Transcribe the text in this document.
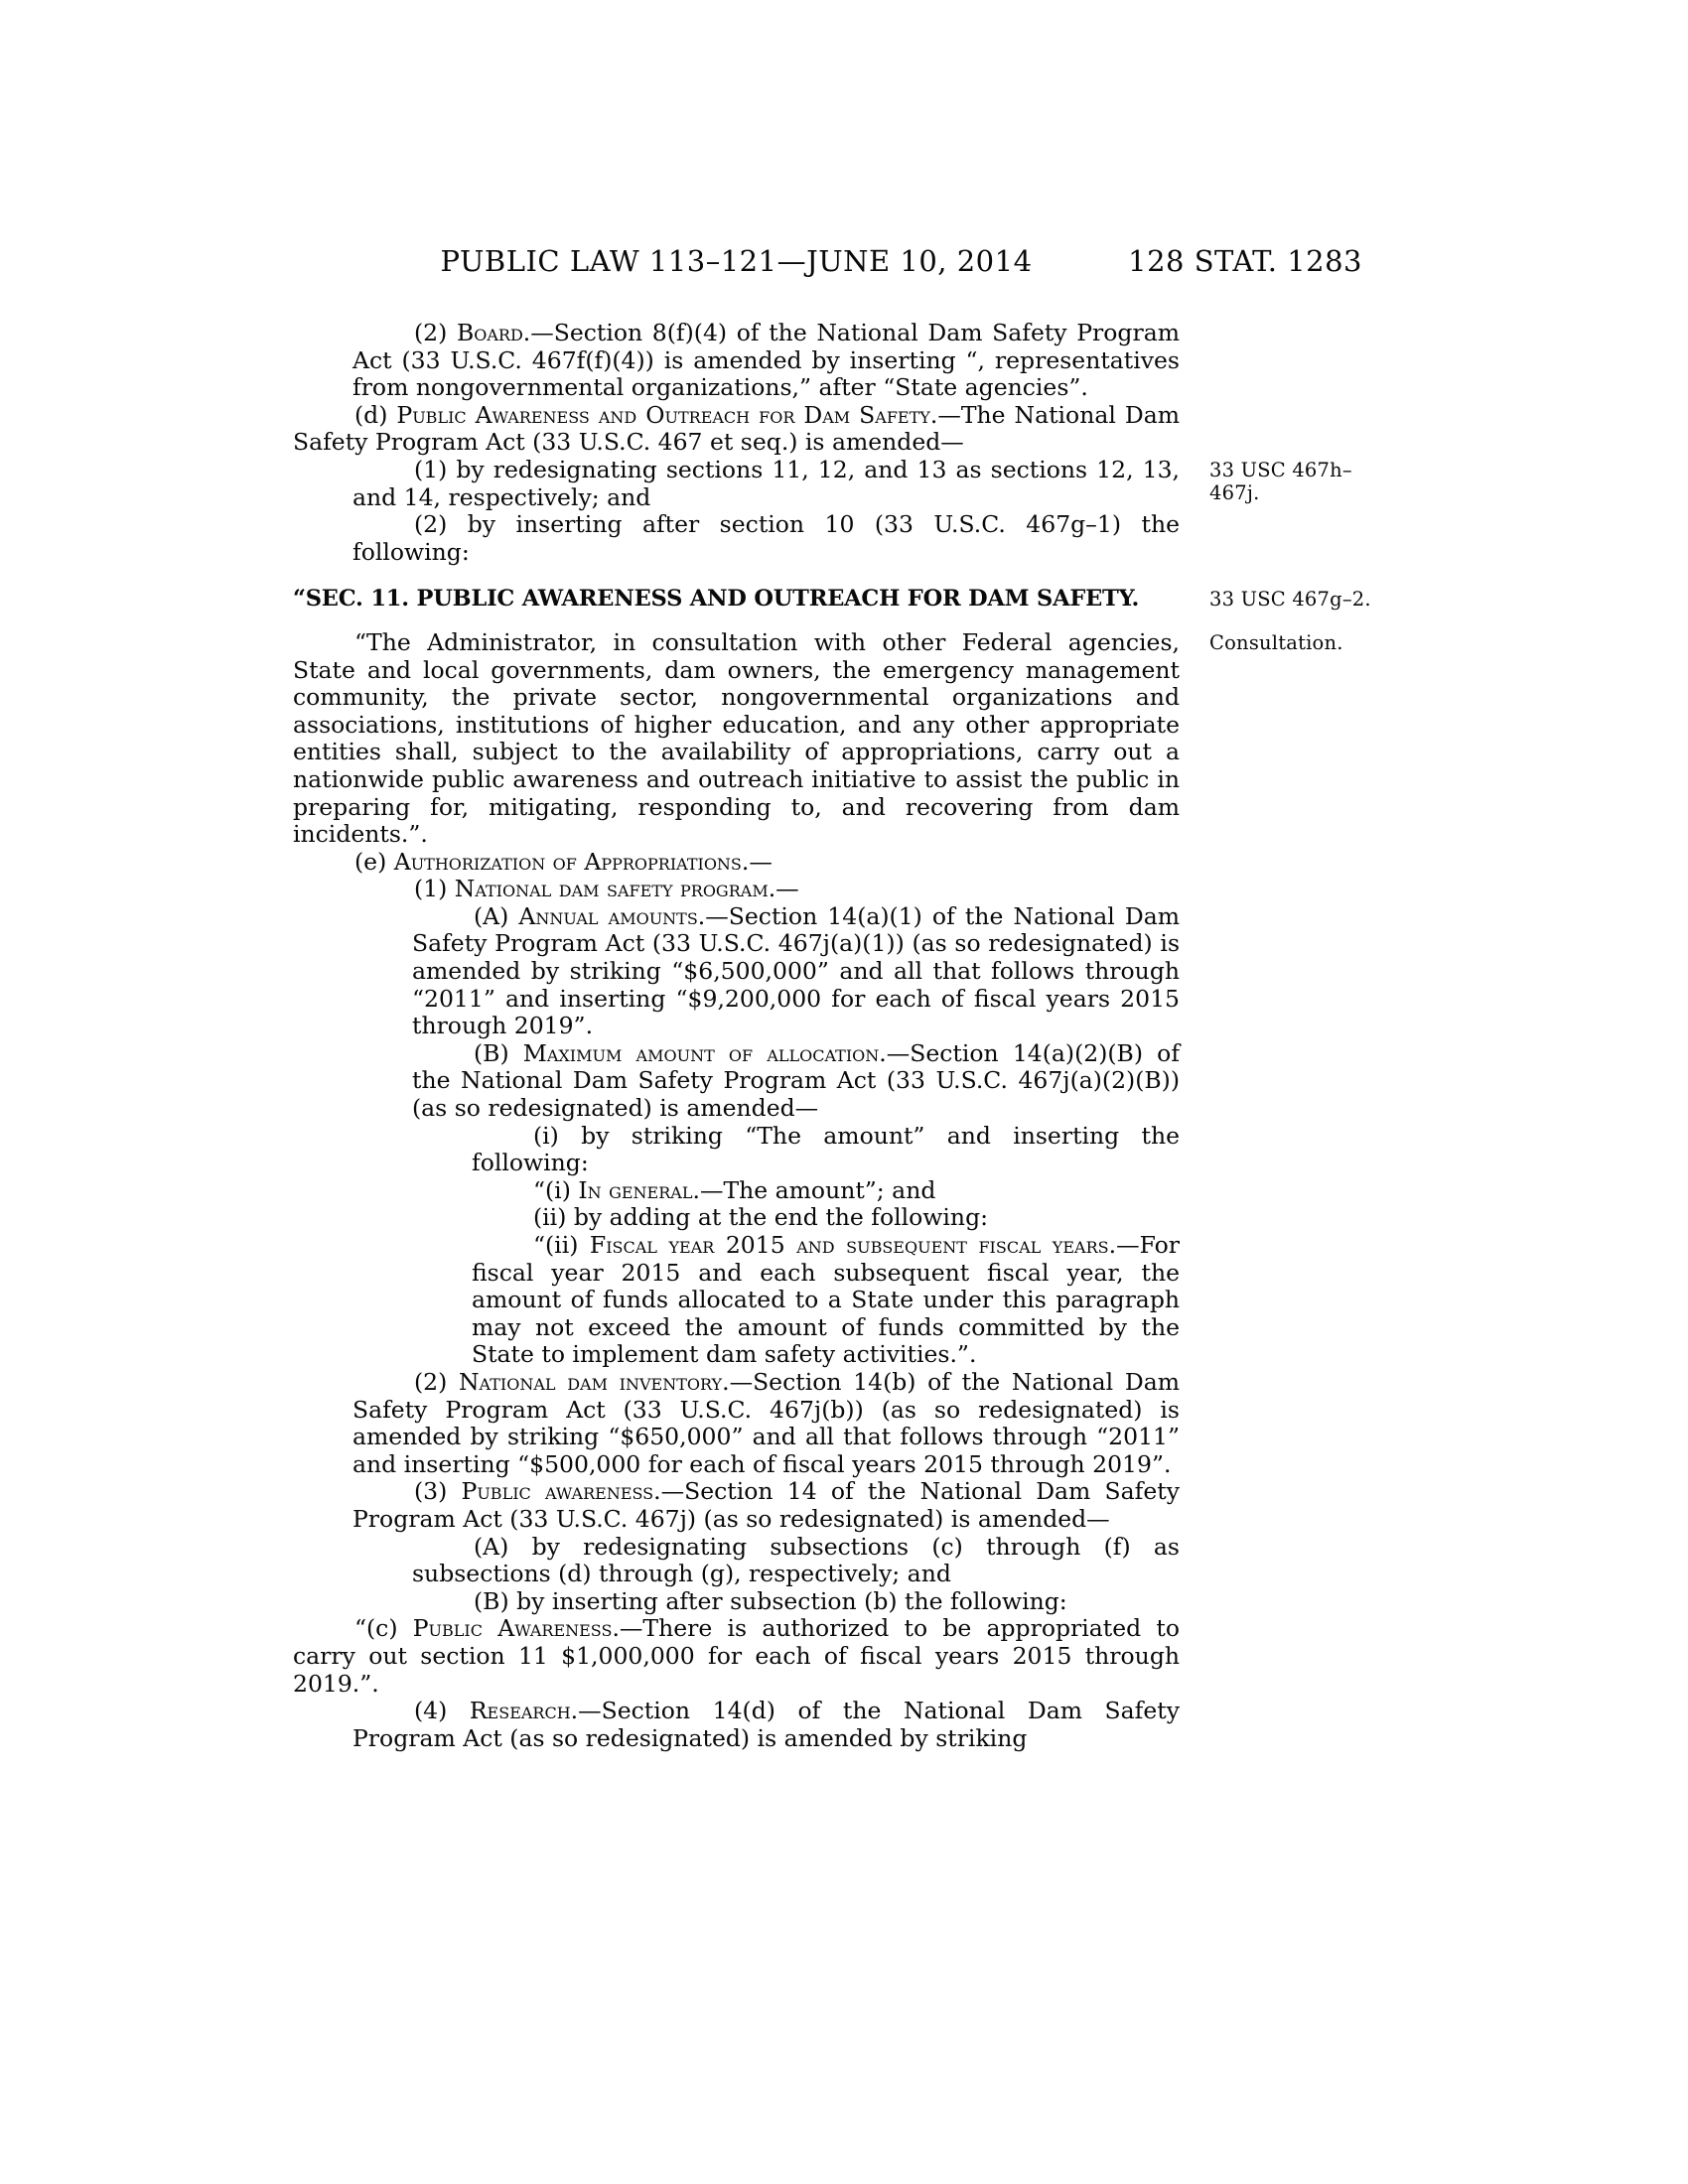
PUBLIC LAW 113–121—JUNE 10, 2014	128 STAT. 1283

(2) Board.—Section 8(f)(4) of the National Dam Safety Program Act (33 U.S.C. 467f(f)(4)) is amended by inserting “, representatives from nongovernmental organizations,” after “State agencies”.

(d) Public Awareness and Outreach for Dam Safety.—The National Dam Safety Program Act (33 U.S.C. 467 et seq.) is amended—

(1) by redesignating sections 11, 12, and 13 as sections 12, 13, and 14, respectively; and
33 USC 467h–467j.

(2) by inserting after section 10 (33 U.S.C. 467g–1) the following:

“SEC. 11. PUBLIC AWARENESS AND OUTREACH FOR DAM SAFETY.	33 USC 467g–2.

“The Administrator, in consultation with other Federal agencies, State and local governments, dam owners, the emergency management community, the private sector, nongovernmental organizations and associations, institutions of higher education, and any other appropriate entities shall, subject to the availability of appropriations, carry out a nationwide public awareness and outreach initiative to assist the public in preparing for, mitigating, responding to, and recovering from dam incidents.”.
Consultation.

(e) Authorization of Appropriations.—

(1) National dam safety program.—

(A) Annual amounts.—Section 14(a)(1) of the National Dam Safety Program Act (33 U.S.C. 467j(a)(1)) (as so redesignated) is amended by striking “$6,500,000” and all that follows through “2011” and inserting “$9,200,000 for each of fiscal years 2015 through 2019”.

(B) Maximum amount of allocation.—Section 14(a)(2)(B) of the National Dam Safety Program Act (33 U.S.C. 467j(a)(2)(B)) (as so redesignated) is amended—

(i) by striking “The amount” and inserting the following:

“(i) In general.—The amount”; and

(ii) by adding at the end the following:

“(ii) Fiscal year 2015 and subsequent fiscal years.—For fiscal year 2015 and each subsequent fiscal year, the amount of funds allocated to a State under this paragraph may not exceed the amount of funds committed by the State to implement dam safety activities.”.

(2) National dam inventory.—Section 14(b) of the National Dam Safety Program Act (33 U.S.C. 467j(b)) (as so redesignated) is amended by striking “$650,000” and all that follows through “2011” and inserting “$500,000 for each of fiscal years 2015 through 2019”.

(3) Public awareness.—Section 14 of the National Dam Safety Program Act (33 U.S.C. 467j) (as so redesignated) is amended—

(A) by redesignating subsections (c) through (f) as subsections (d) through (g), respectively; and

(B) by inserting after subsection (b) the following:

“(c) Public Awareness.—There is authorized to be appropriated to carry out section 11 $1,000,000 for each of fiscal years 2015 through 2019.”.

(4) Research.—Section 14(d) of the National Dam Safety Program Act (as so redesignated) is amended by striking
